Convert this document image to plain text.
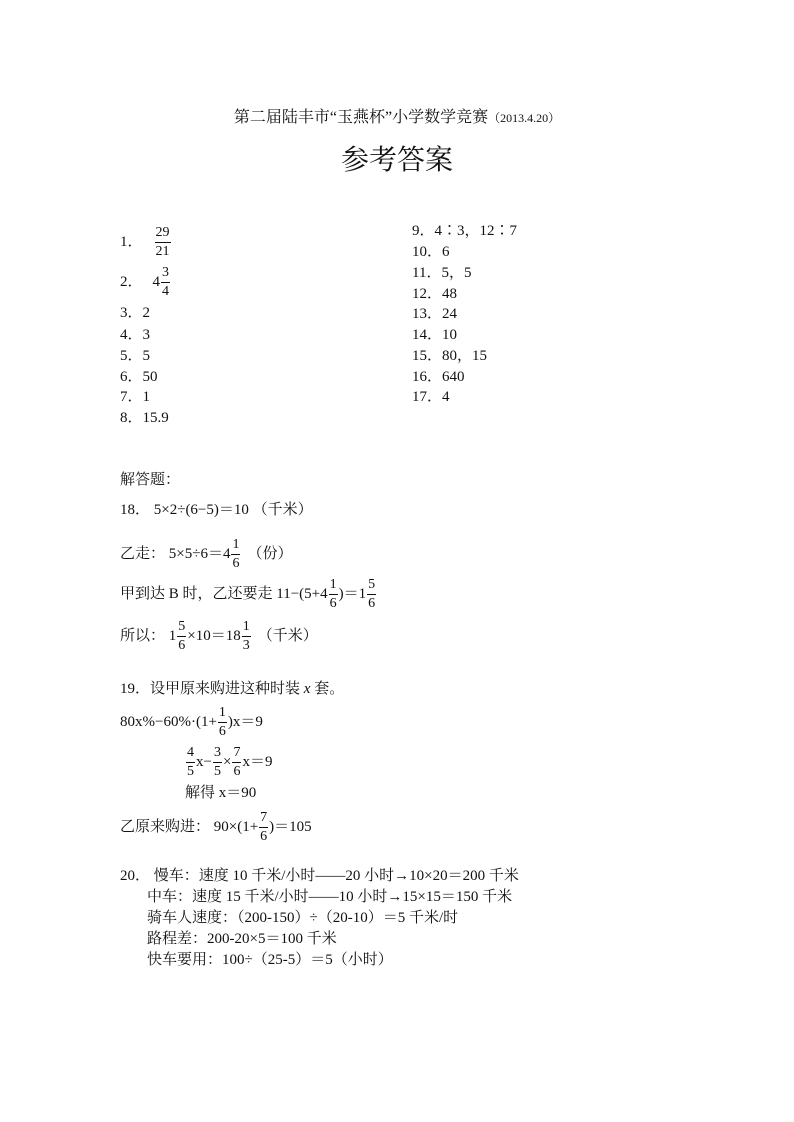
第二届陆丰市“玉燕杯”小学数学竞赛（2013.4.20）
参考答案
1． $\frac{29}{21}$
2． $4 \frac{3}{4}$
3．2
4．3
5．5
6．50
7．1
8．15.9
9．4∶3，12∶7
10．6
11．5，5
12．48
13．24
14．10
15．80，15
16．640
17．4
解答题：
18． 5×2÷(6−5)＝10 （千米）
乙走： $5\times 5\div 6=4 \frac{1}{6}$ （份）
甲到达 B 时，乙还要走 $11-(5+4 \frac{1}{6} )=1 \frac{5}{6}$
所以： $1 \frac{5}{6} \times 10=18 \frac{1}{3}$ （千米）
19．设甲原来购进这种时装 x 套。
$80x\%-60\%\cdot(1+ \frac{1}{6} )x=9$
$\frac{4}{5} x- \frac{3}{5} \times \frac{7}{6} x=9$
解得 x＝90
乙原来购进： $90\times(1+ \frac{7}{6} )=105$
20． 慢车：速度 10 千米/小时——20 小时→10×20＝200 千米
中车：速度 15 千米/小时——10 小时→15×15＝150 千米
骑车人速度：（200-150）÷（20-10）＝5 千米/时
路程差：200-20×5＝100 千米
快车要用：100÷（25-5）＝5（小时）
